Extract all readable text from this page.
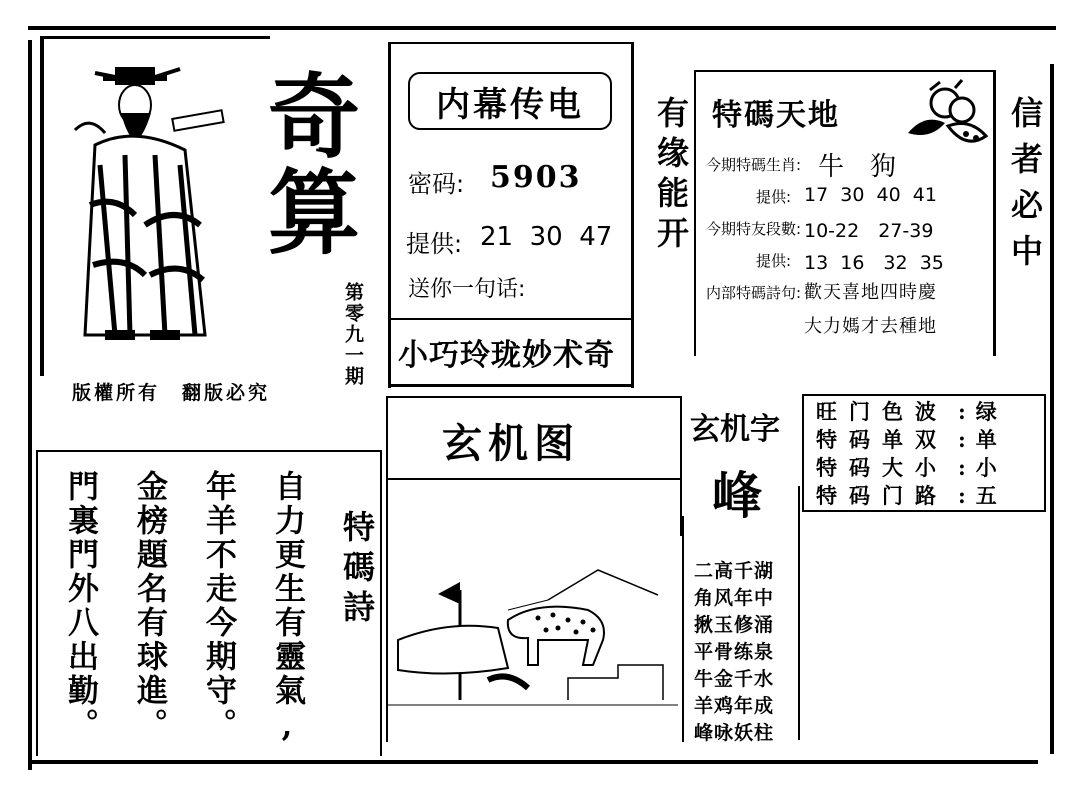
奇
算
第零九一期
版權所有　翻版必究
内幕传电
密码: 5903
提供: 21  30  47
送你一句话:
小巧玲珑妙术奇
有缘能开 特碼天地
今期特碼生肖: 牛　狗
提供: 17  30  40  41
今期特友段數: 10-22　27-39
提供: 13  16　32  35
内部特碼詩句: 歡天喜地四時慶
大力媽才去種地
信者必中
旺门色波 : 绿
特码单双 : 单
特码大小 : 小
特码门路 : 五
特碼詩
自力更生有靈氣,
年羊不走今期守。
金榜題名有球進。
門裏門外八出勤。
玄机图	玄机字
峰
二高千湖
角风年中
揪玉修涌
平骨练泉
牛金千水
羊鸡年成
峰咏妖柱
